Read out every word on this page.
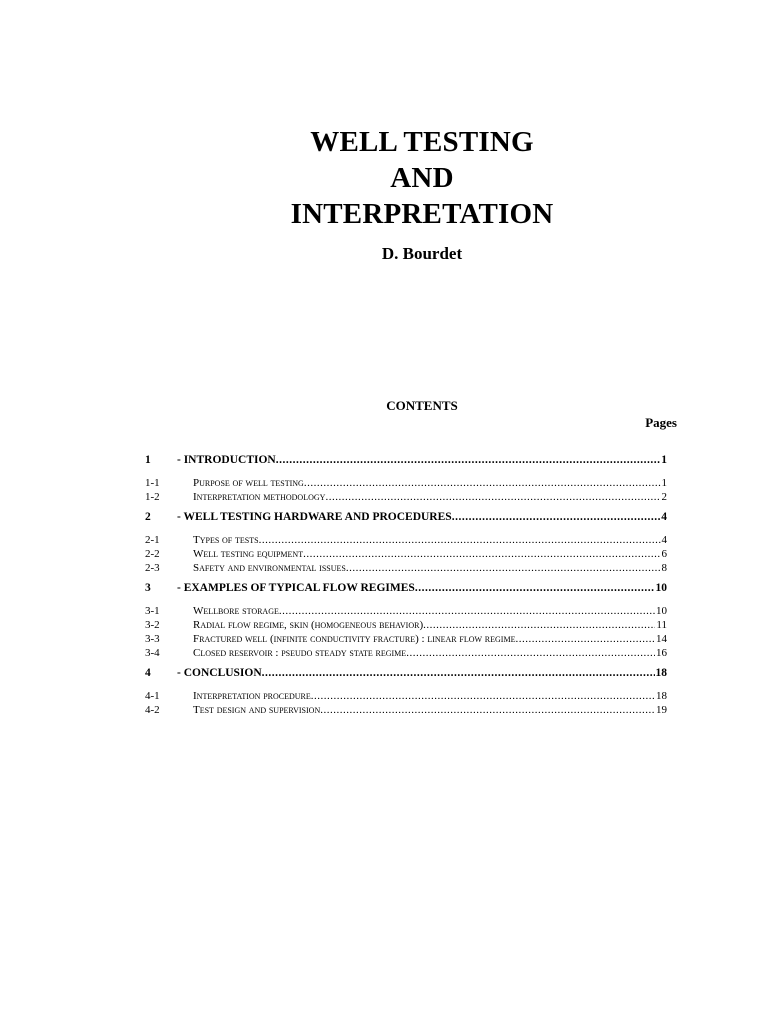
WELL TESTING
AND
INTERPRETATION
D. Bourdet
CONTENTS
Pages
1	- INTRODUCTION .....	1
1-1	Purpose of well testing .....	1
1-2	Interpretation methodology .....	2
2	- WELL TESTING HARDWARE AND PROCEDURES .....	4
2-1	Types of tests .....	4
2-2	Well testing equipment .....	6
2-3	Safety and environmental issues .....	8
3	- EXAMPLES OF TYPICAL FLOW REGIMES .....	10
3-1	Wellbore storage .....	10
3-2	Radial flow regime, skin (homogeneous behavior) .....	11
3-3	Fractured well (infinite conductivity fracture) : linear flow regime .....	14
3-4	Closed reservoir : pseudo steady state regime .....	16
4	- CONCLUSION .....	18
4-1	Interpretation procedure .....	18
4-2	Test design and supervision .....	19
